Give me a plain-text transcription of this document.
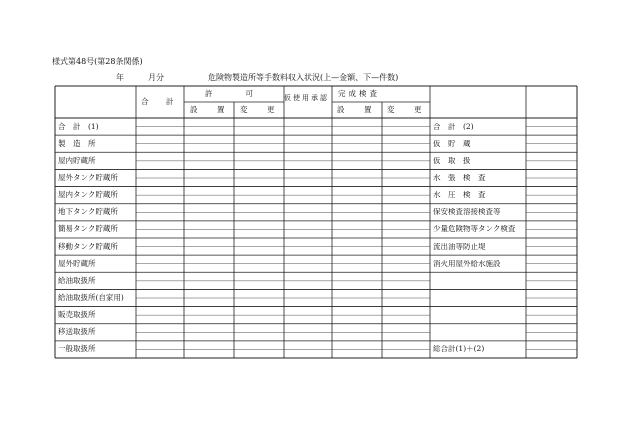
様式第48号(第28条関係)
年	月分	危険物製造所等手数料収入状況(上—金額、下—件数)
合　計
許　　可
設　置 変　更
仮使用承認 完成検査
設　置 変　更
合　計　(1)
製　造　所
屋内貯蔵所
屋外タンク貯蔵所
屋内タンク貯蔵所
地下タンク貯蔵所
簡易タンク貯蔵所
移動タンク貯蔵所
屋外貯蔵所
給油取扱所
給油取扱所(自家用)
販売取扱所
移送取扱所
一般取扱所
合　計　(2)
仮　貯　蔵
仮　取　扱
水　張　検　査
水　圧　検　査
保安検査溶接検査等
少量危険物等タンク検査
流出油等防止堤
消火用屋外給水施設
総合計(1)＋(2)
